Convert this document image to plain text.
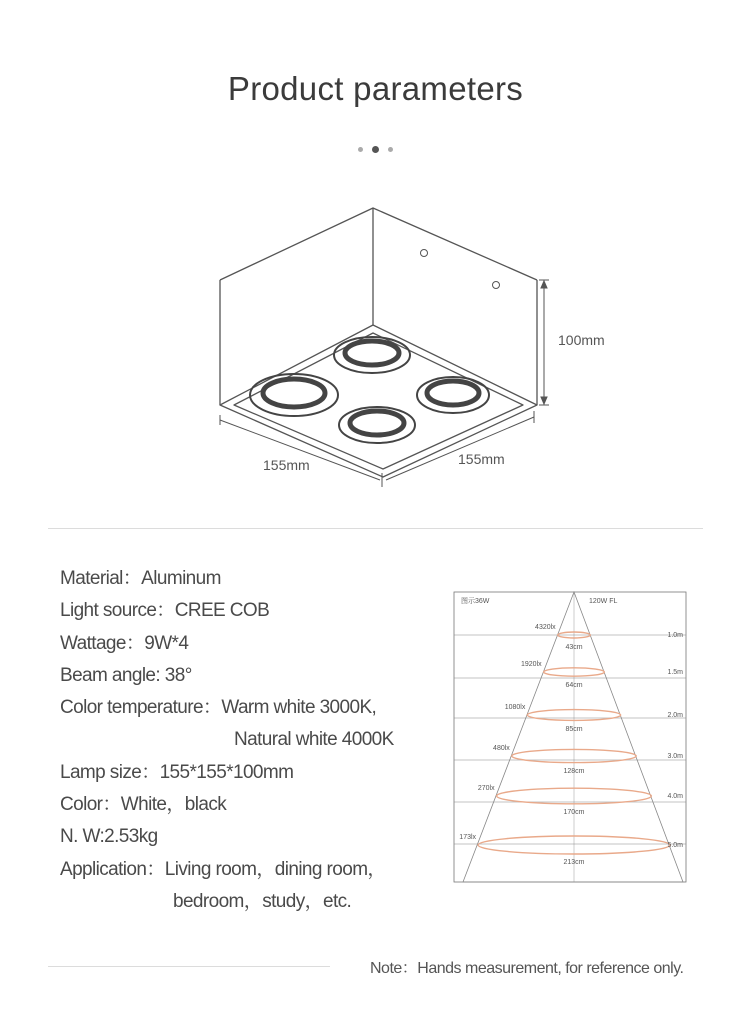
Product parameters
100mm
155mm	155mm
Material：Aluminum
Light source：CREE COB
Wattage：9W*4
Beam angle: 38°
Color temperature：Warm white 3000K,
Natural white 4000K
Lamp size：155*155*100mm
Color：White，black
N. W:2.53kg
Application：Living room，dining room，
bedroom，study，etc.
图示36W	120W FL
4320lx
43cm
1.0m
1920lx
64cm
1.5m
1080lx
85cm
2.0m
480lx
128cm
3.0m
270lx
170cm
4.0m
173lx
213cm
5.0m
Note：Hands measurement, for reference only.
